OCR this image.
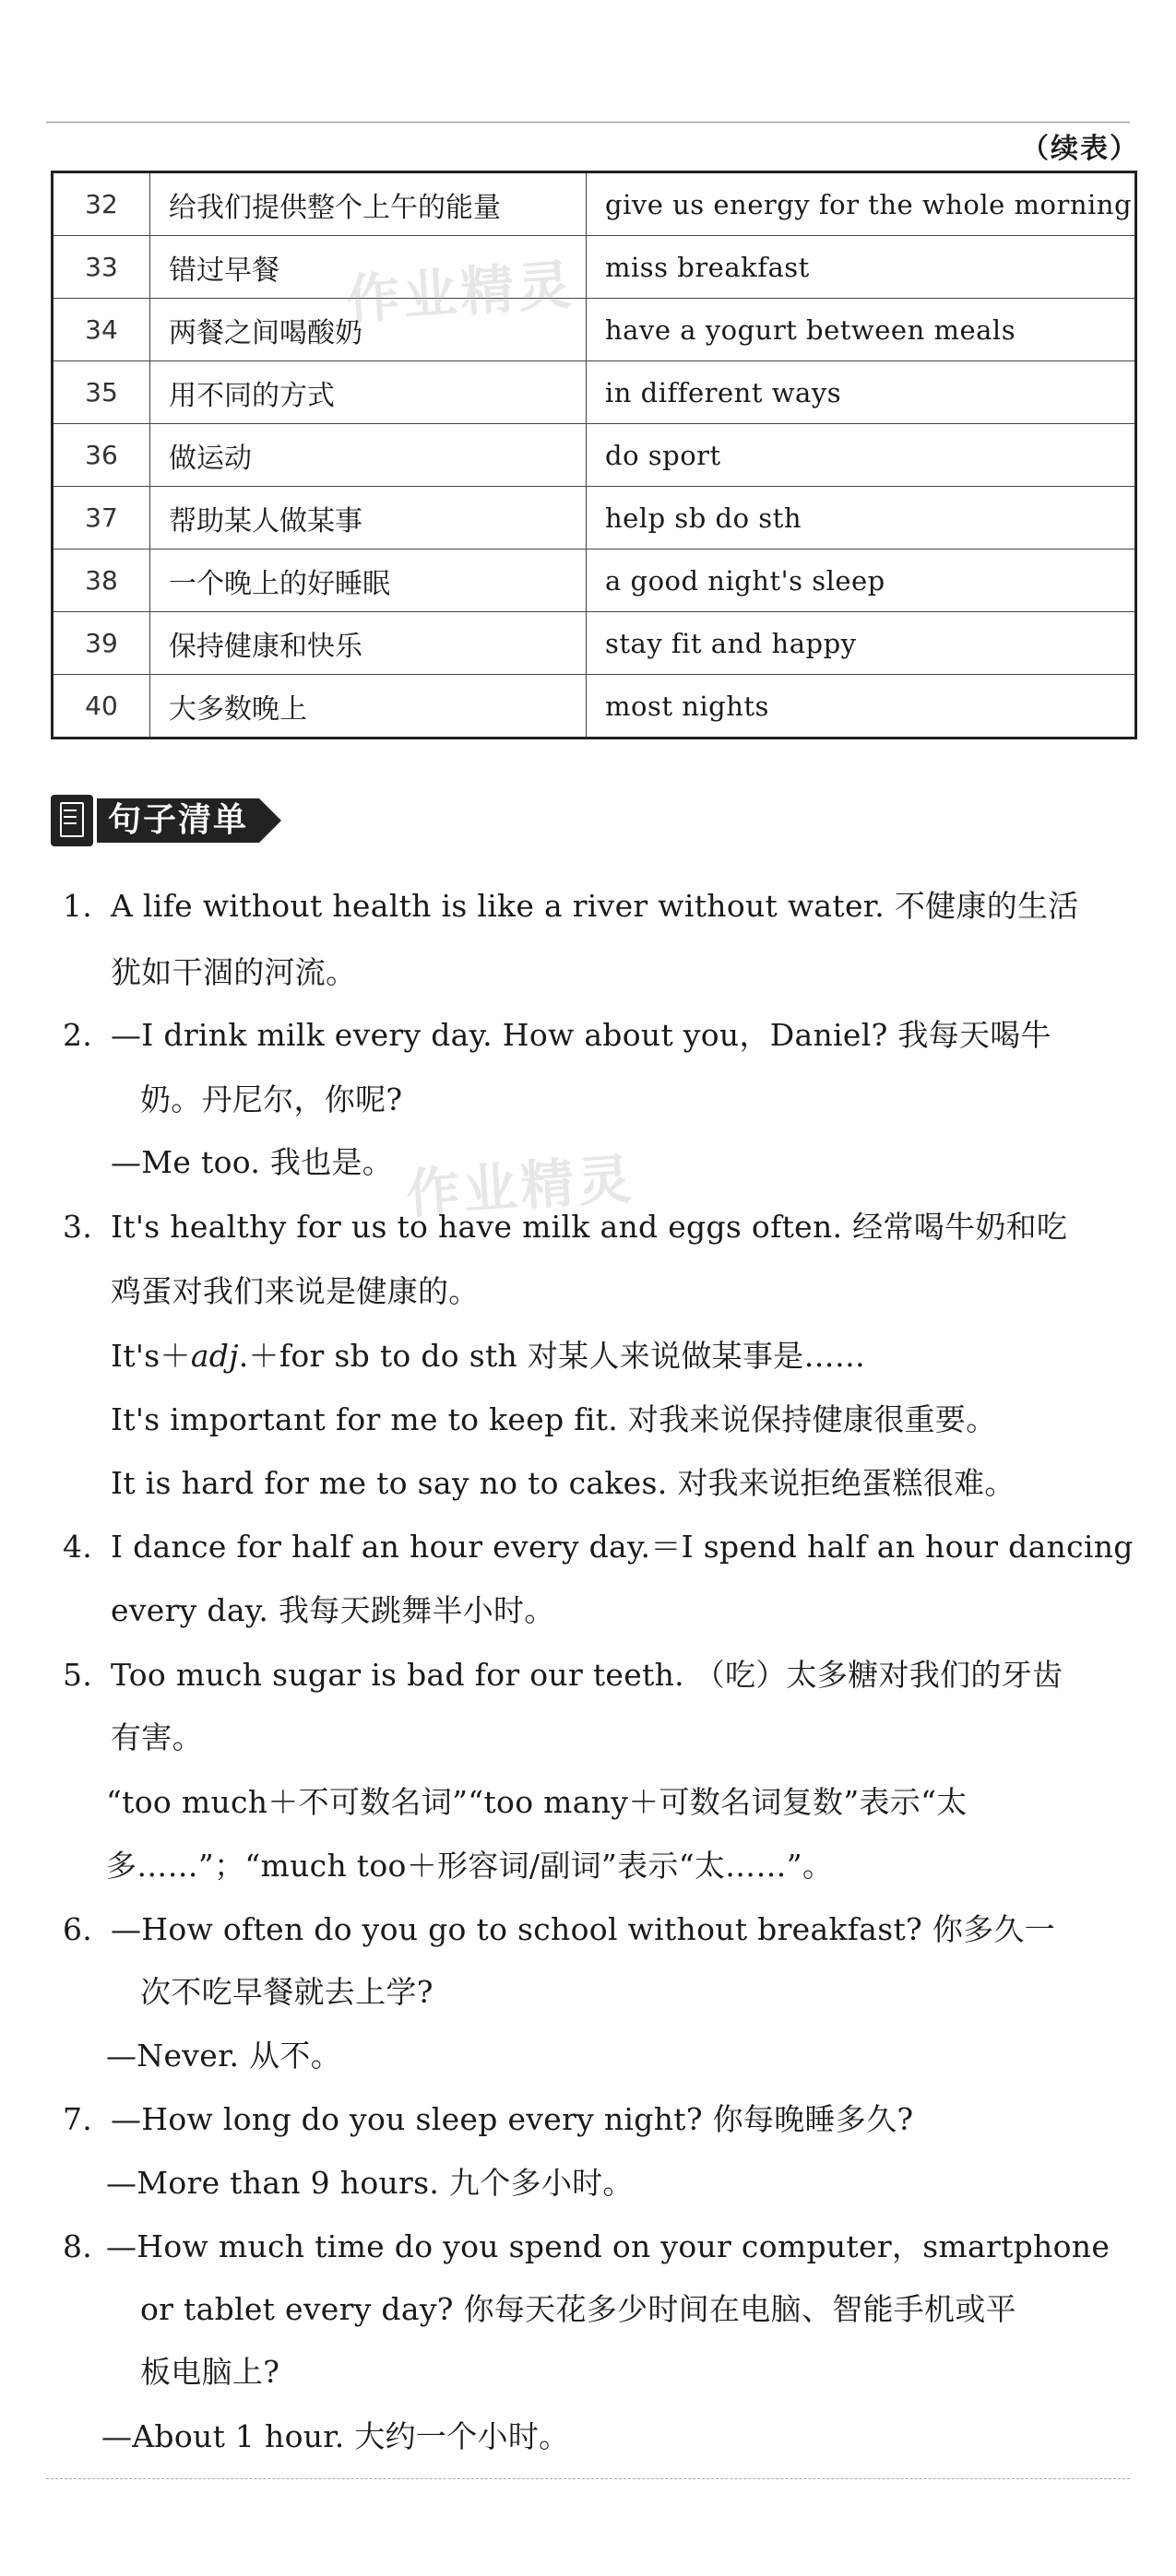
（续表）
32	给我们提供整个上午的能量	give us energy for the whole morning
33	错过早餐	miss breakfast
34	两餐之间喝酸奶	have a yogurt between meals
35	用不同的方式	in different ways
36	做运动	do sport
37	帮助某人做某事	help sb do sth
38	一个晚上的好睡眠	a good night's sleep
39	保持健康和快乐	stay fit and happy
40	大多数晚上	most nights
作业精灵
句子清单
1. A life without health is like a river without water. 不健康的生活
犹如干涸的河流。
2. —I drink milk every day. How about you，Daniel? 我每天喝牛
奶。丹尼尔，你呢?
—Me too. 我也是。 作业精灵
3. It's healthy for us to have milk and eggs often. 经常喝牛奶和吃
鸡蛋对我们来说是健康的。
It's＋adj.＋for sb to do sth 对某人来说做某事是……
It's important for me to keep fit. 对我来说保持健康很重要。
It is hard for me to say no to cakes. 对我来说拒绝蛋糕很难。
4. I dance for half an hour every day.＝I spend half an hour dancing
every day. 我每天跳舞半小时。
5. Too much sugar is bad for our teeth. （吃）太多糖对我们的牙齿
有害。
“too much＋不可数名词”“too many＋可数名词复数”表示“太
多……”；“much too＋形容词/副词”表示“太……”。
6. —How often do you go to school without breakfast? 你多久一
次不吃早餐就去上学?
—Never. 从不。
7. —How long do you sleep every night? 你每晚睡多久?
—More than 9 hours. 九个多小时。
8. —How much time do you spend on your computer，smartphone
or tablet every day? 你每天花多少时间在电脑、智能手机或平
板电脑上?
—About 1 hour. 大约一个小时。
